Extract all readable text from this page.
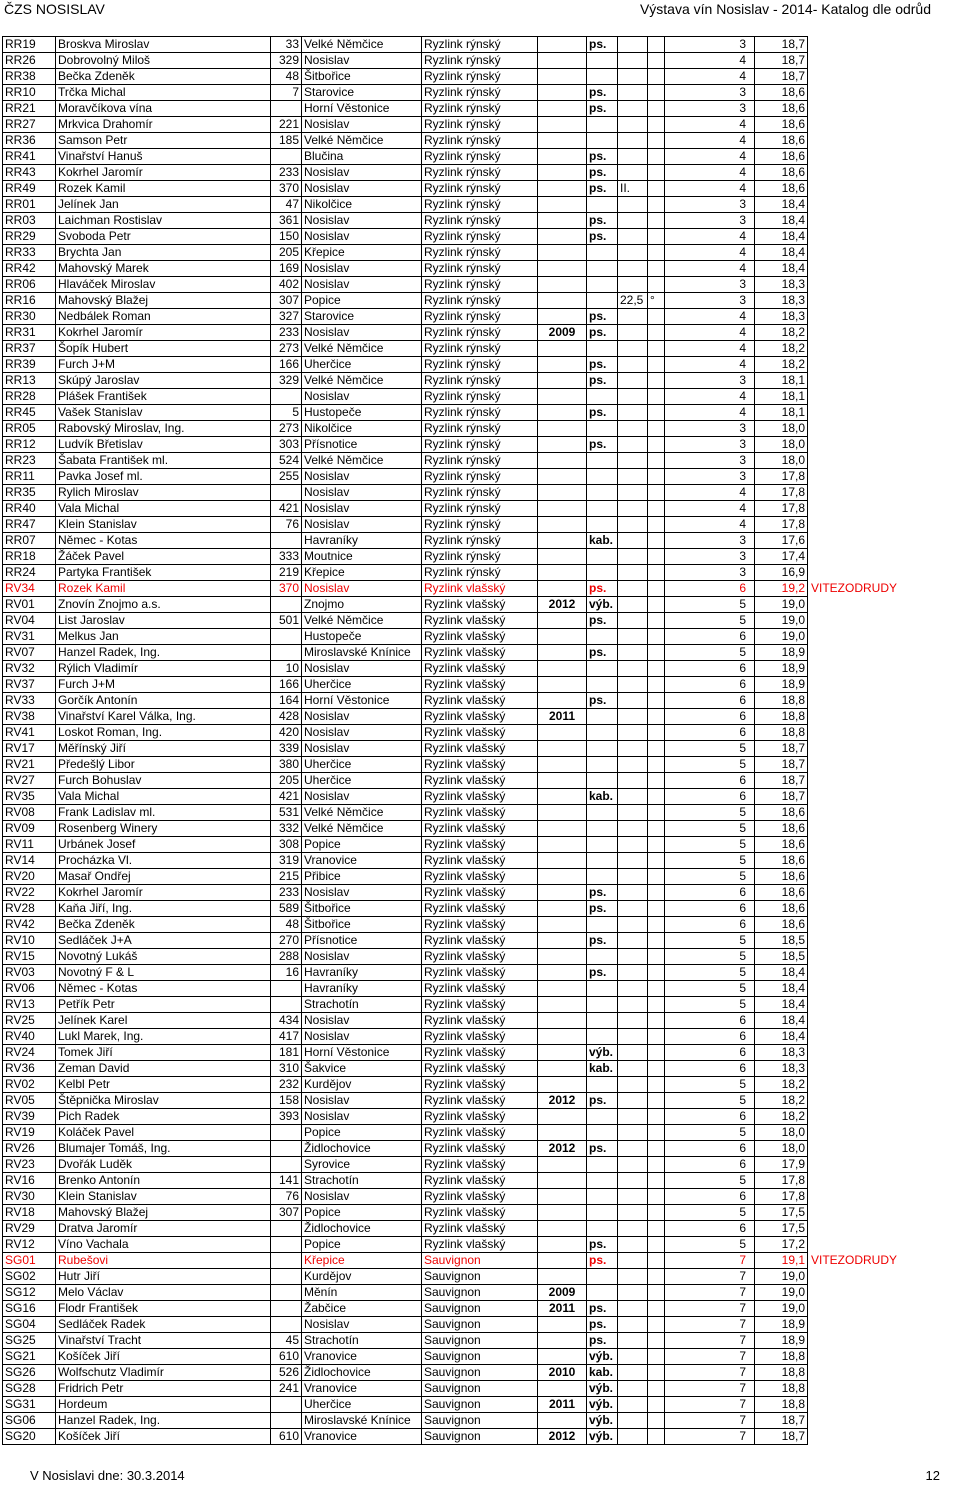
ČZS NOSISLAV	Výstava vín Nosislav - 2014- Katalog dle odrůd
RR19	Broskva Miroslav	33	Velké Němčice	Ryzlink rýnský		ps.			3	18,7	
RR26	Dobrovolný Miloš	329	Nosislav	Ryzlink rýnský					4	18,7	
RR38	Bečka Zdeněk	48	Šitbořice	Ryzlink rýnský					4	18,7	
RR10	Trčka Michal	7	Starovice	Ryzlink rýnský		ps.			3	18,6	
RR21	Moravčíkova vína		Horní Věstonice	Ryzlink rýnský		ps.			3	18,6	
RR27	Mrkvica Drahomír	221	Nosislav	Ryzlink rýnský					4	18,6	
RR36	Samson Petr	185	Velké Němčice	Ryzlink rýnský					4	18,6	
RR41	Vinařství Hanuš		Blučina	Ryzlink rýnský		ps.			4	18,6	
RR43	Kokrhel Jaromír	233	Nosislav	Ryzlink rýnský		ps.			4	18,6	
RR49	Rozek Kamil	370	Nosislav	Ryzlink rýnský		ps.	II.		4	18,6	
RR01	Jelínek Jan	47	Nikolčice	Ryzlink rýnský					3	18,4	
RR03	Laichman Rostislav	361	Nosislav	Ryzlink rýnský		ps.			3	18,4	
RR29	Svoboda Petr	150	Nosislav	Ryzlink rýnský		ps.			4	18,4	
RR33	Brychta Jan	205	Křepice	Ryzlink rýnský					4	18,4	
RR42	Mahovský Marek	169	Nosislav	Ryzlink rýnský					4	18,4	
RR06	Hlaváček Miroslav	402	Nosislav	Ryzlink rýnský					3	18,3	
RR16	Mahovský Blažej	307	Popice	Ryzlink rýnský			22,5	°	3	18,3	
RR30	Nedbálek Roman	327	Starovice	Ryzlink rýnský		ps.			4	18,3	
RR31	Kokrhel Jaromír	233	Nosislav	Ryzlink rýnský	2009	ps.			4	18,2	
RR37	Šopík Hubert	273	Velké Němčice	Ryzlink rýnský					4	18,2	
RR39	Furch J+M	166	Uherčice	Ryzlink rýnský		ps.			4	18,2	
RR13	Skúpý Jaroslav	329	Velké Němčice	Ryzlink rýnský		ps.			3	18,1	
RR28	Plášek František		Nosislav	Ryzlink rýnský					4	18,1	
RR45	Vašek Stanislav	5	Hustopeče	Ryzlink rýnský		ps.			4	18,1	
RR05	Rabovský Miroslav, Ing.	273	Nikolčice	Ryzlink rýnský					3	18,0	
RR12	Ludvík Břetislav	303	Přísnotice	Ryzlink rýnský		ps.			3	18,0	
RR23	Šabata František ml.	524	Velké Němčice	Ryzlink rýnský					3	18,0	
RR11	Pavka Josef ml.	255	Nosislav	Ryzlink rýnský					3	17,8	
RR35	Rylich Miroslav		Nosislav	Ryzlink rýnský					4	17,8	
RR40	Vala Michal	421	Nosislav	Ryzlink rýnský					4	17,8	
RR47	Klein Stanislav	76	Nosislav	Ryzlink rýnský					4	17,8	
RR07	Němec - Kotas		Havraníky	Ryzlink rýnský		kab.			3	17,6	
RR18	Žáček Pavel	333	Moutnice	Ryzlink rýnský					3	17,4	
RR24	Partyka František	219	Křepice	Ryzlink rýnský					3	16,9	
RV34	Rozek Kamil	370	Nosislav	Ryzlink vlašský		ps.			6	19,2	VITEZODRUDY
RV01	Znovín Znojmo a.s.		Znojmo	Ryzlink vlašský	2012	výb.			5	19,0	
RV04	List Jaroslav	501	Velké Němčice	Ryzlink vlašský		ps.			5	19,0	
RV31	Melkus Jan		Hustopeče	Ryzlink vlašský					6	19,0	
RV07	Hanzel Radek, Ing.		Miroslavské Knínice	Ryzlink vlašský		ps.			5	18,9	
RV32	Rýlich Vladimír	10	Nosislav	Ryzlink vlašský					6	18,9	
RV37	Furch J+M	166	Uherčice	Ryzlink vlašský					6	18,9	
RV33	Gorčík Antonín	164	Horní Věstonice	Ryzlink vlašský		ps.			6	18,8	
RV38	Vinařství Karel Válka, Ing.	428	Nosislav	Ryzlink vlašský	2011				6	18,8	
RV41	Loskot Roman, Ing.	420	Nosislav	Ryzlink vlašský					6	18,8	
RV17	Měřínský Jiří	339	Nosislav	Ryzlink vlašský					5	18,7	
RV21	Předešlý Libor	380	Uherčice	Ryzlink vlašský					5	18,7	
RV27	Furch Bohuslav	205	Uherčice	Ryzlink vlašský					6	18,7	
RV35	Vala Michal	421	Nosislav	Ryzlink vlašský		kab.			6	18,7	
RV08	Frank Ladislav ml.	531	Velké Němčice	Ryzlink vlašský					5	18,6	
RV09	Rosenberg Winery	332	Velké Němčice	Ryzlink vlašský					5	18,6	
RV11	Urbánek Josef	308	Popice	Ryzlink vlašský					5	18,6	
RV14	Procházka Vl.	319	Vranovice	Ryzlink vlašský					5	18,6	
RV20	Masař Ondřej	215	Přibice	Ryzlink vlašský					5	18,6	
RV22	Kokrhel Jaromír	233	Nosislav	Ryzlink vlašský		ps.			6	18,6	
RV28	Kaňa Jiří, Ing.	589	Šitbořice	Ryzlink vlašský		ps.			6	18,6	
RV42	Bečka Zdeněk	48	Šitbořice	Ryzlink vlašský					6	18,6	
RV10	Sedláček J+A	270	Přísnotice	Ryzlink vlašský		ps.			5	18,5	
RV15	Novotný Lukáš	288	Nosislav	Ryzlink vlašský					5	18,5	
RV03	Novotný F & L	16	Havraníky	Ryzlink vlašský		ps.			5	18,4	
RV06	Němec - Kotas		Havraníky	Ryzlink vlašský					5	18,4	
RV13	Petřík Petr		Strachotín	Ryzlink vlašský					5	18,4	
RV25	Jelínek Karel	434	Nosislav	Ryzlink vlašský					6	18,4	
RV40	Lukl Marek, Ing.	417	Nosislav	Ryzlink vlašský					6	18,4	
RV24	Tomek Jiří	181	Horní Věstonice	Ryzlink vlašský		výb.			6	18,3	
RV36	Zeman David	310	Šakvice	Ryzlink vlašský		kab.			6	18,3	
RV02	Kelbl Petr	232	Kurdějov	Ryzlink vlašský					5	18,2	
RV05	Štěpnička Miroslav	158	Nosislav	Ryzlink vlašský	2012	ps.			5	18,2	
RV39	Pich Radek	393	Nosislav	Ryzlink vlašský					6	18,2	
RV19	Koláček Pavel		Popice	Ryzlink vlašský					5	18,0	
RV26	Blumajer Tomáš, Ing.		Židlochovice	Ryzlink vlašský	2012	ps.			6	18,0	
RV23	Dvořák Luděk		Syrovice	Ryzlink vlašský					6	17,9	
RV16	Brenko Antonín	141	Strachotín	Ryzlink vlašský					5	17,8	
RV30	Klein Stanislav	76	Nosislav	Ryzlink vlašský					6	17,8	
RV18	Mahovský Blažej	307	Popice	Ryzlink vlašský					5	17,5	
RV29	Dratva Jaromír		Židlochovice	Ryzlink vlašský					6	17,5	
RV12	Víno Vachala		Popice	Ryzlink vlašský		ps.			5	17,2	
SG01	Rubešovi		Křepice	Sauvignon		ps.			7	19,1	VITEZODRUDY
SG02	Hutr Jiří		Kurdějov	Sauvignon					7	19,0	
SG12	Melo Václav		Měnín	Sauvignon	2009				7	19,0	
SG16	Flodr František		Žabčice	Sauvignon	2011	ps.			7	19,0	
SG04	Sedláček Radek		Nosislav	Sauvignon		ps.			7	18,9	
SG25	Vinařství Tracht	45	Strachotín	Sauvignon		ps.			7	18,9	
SG21	Košíček Jiří	610	Vranovice	Sauvignon		výb.			7	18,8	
SG26	Wolfschutz Vladimír	526	Židlochovice	Sauvignon	2010	kab.			7	18,8	
SG28	Fridrich Petr	241	Vranovice	Sauvignon		výb.			7	18,8	
SG31	Hordeum		Uherčice	Sauvignon	2011	výb.			7	18,8	
SG06	Hanzel Radek, Ing.		Miroslavské Knínice	Sauvignon		výb.			7	18,7	
SG20	Košíček Jiří	610	Vranovice	Sauvignon	2012	výb.			7	18,7	
V Nosislavi dne: 30.3.2014	12
